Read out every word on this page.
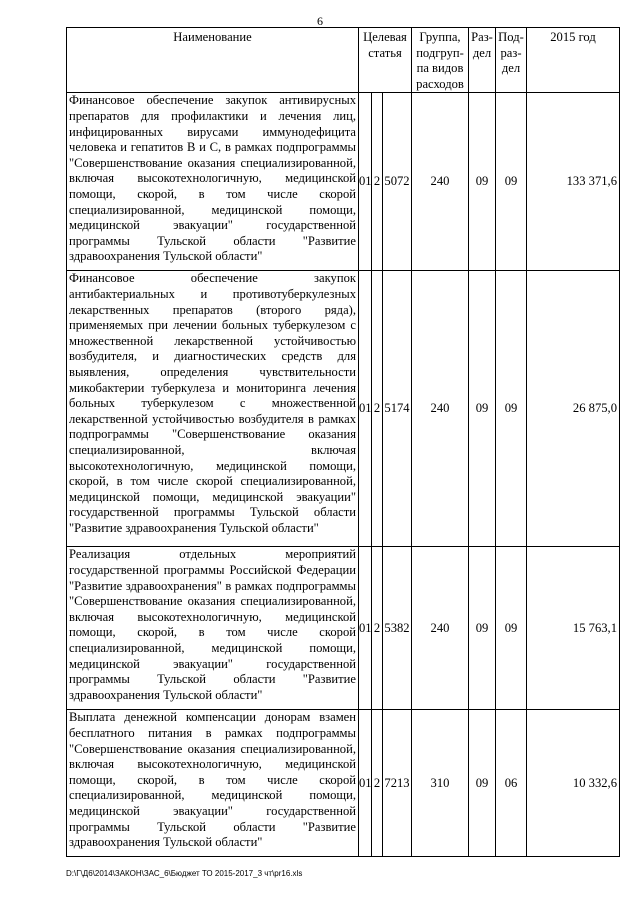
6
Наименование	Целевая статья			Группа, подгруп-па видов расходов	Раз-дел	Под-раз-дел	2015 год
Финансовое обеспечение закупок антивирусных препаратов для профилактики и лечения лиц, инфицированных вирусами иммунодефицита человека и гепатитов В и С, в рамках подпрограммы "Совершенствование оказания специализированной, включая высокотехнологичную, медицинской помощи, скорой, в том числе скорой специализированной, медицинской помощи, медицинской эвакуации" государственной программы Тульской области "Развитие здравоохранения Тульской области"	01	2	5072	240	09	09	133 371,6
Финансовое обеспечение закупок антибактериальных и противотуберкулезных лекарственных препаратов (второго ряда), применяемых при лечении больных туберкулезом с множественной лекарственной устойчивостью возбудителя, и диагностических средств для выявления, определения чувствительности микобактерии туберкулеза и мониторинга лечения больных туберкулезом с множественной лекарственной устойчивостью возбудителя в рамках подпрограммы "Совершенствование оказания специализированной, включая высокотехнологичную, медицинской помощи, скорой, в том числе скорой специализированной, медицинской помощи, медицинской эвакуации" государственной программы Тульской области "Развитие здравоохранения Тульской области"	01	2	5174	240	09	09	26 875,0
Реализация отдельных мероприятий государственной программы Российской Федерации "Развитие здравоохранения" в рамках подпрограммы "Совершенствование оказания специализированной, включая высокотехнологичную, медицинской помощи, скорой, в том числе скорой специализированной, медицинской помощи, медицинской эвакуации" государственной программы Тульской области "Развитие здравоохранения Тульской области"	01	2	5382	240	09	09	15 763,1
Выплата денежной компенсации донорам взамен бесплатного питания в рамках подпрограммы "Совершенствование оказания специализированной, включая высокотехнологичную, медицинской помощи, скорой, в том числе скорой специализированной, медицинской помощи, медицинской эвакуации" государственной программы Тульской области "Развитие здравоохранения Тульской области"	01	2	7213	310	09	06	10 332,6
D:\Г\Д6\2014\ЗАКОН\ЗАС_6\Бюджет ТО 2015-2017_3 чт\pr16.xls
